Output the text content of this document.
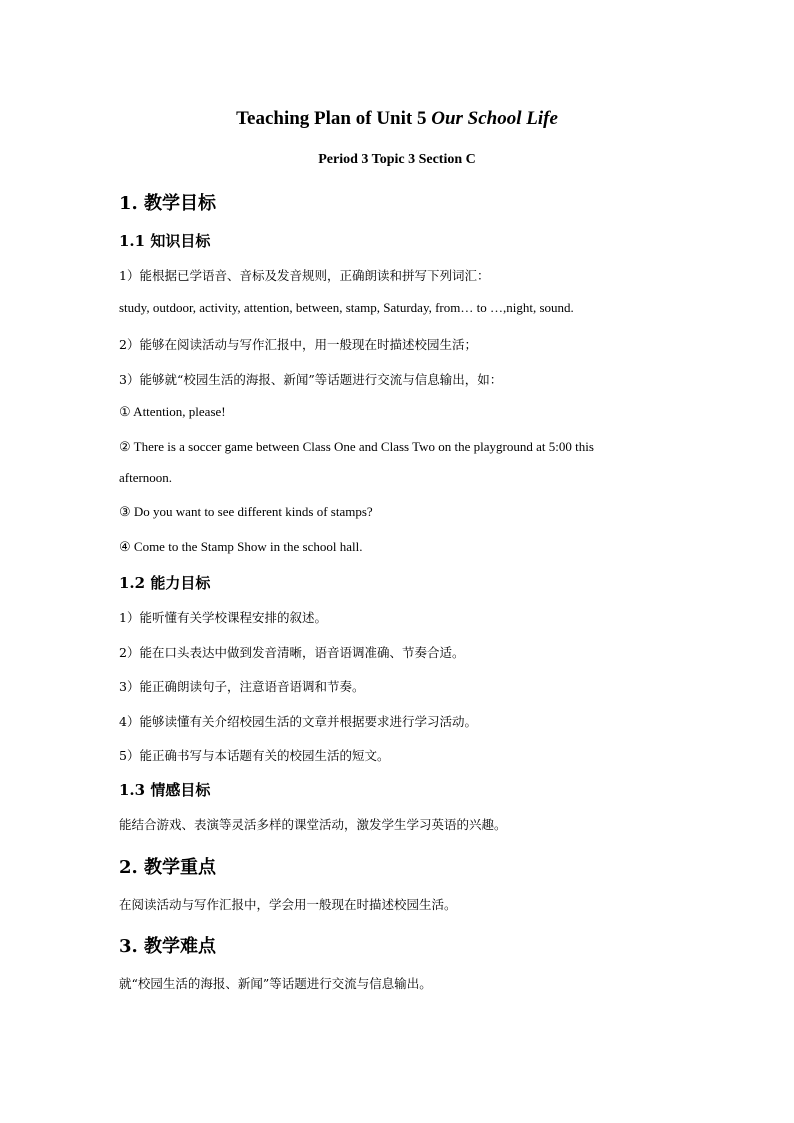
Teaching Plan of Unit 5 Our School Life
Period 3 Topic 3 Section C
1. 教学目标
1.1 知识目标
1）能根据已学语音、音标及发音规则，正确朗读和拼写下列词汇：
study, outdoor, activity, attention, between, stamp, Saturday, from… to …,night, sound.
2）能够在阅读活动与写作汇报中，用一般现在时描述校园生活；
3）能够就“校园生活的海报、新闻”等话题进行交流与信息输出，如：
① Attention, please!
② There is a soccer game between Class One and Class Two on the playground at 5:00 this
afternoon.
③ Do you want to see different kinds of stamps?
④ Come to the Stamp Show in the school hall.
1.2 能力目标
1）能听懂有关学校课程安排的叙述。
2）能在口头表达中做到发音清晰，语音语调准确、节奏合适。
3）能正确朗读句子，注意语音语调和节奏。
4）能够读懂有关介绍校园生活的文章并根据要求进行学习活动。
5）能正确书写与本话题有关的校园生活的短文。
1.3 情感目标
能结合游戏、表演等灵活多样的课堂活动，激发学生学习英语的兴趣。
2. 教学重点
在阅读活动与写作汇报中，学会用一般现在时描述校园生活。
3. 教学难点
就“校园生活的海报、新闻”等话题进行交流与信息输出。
